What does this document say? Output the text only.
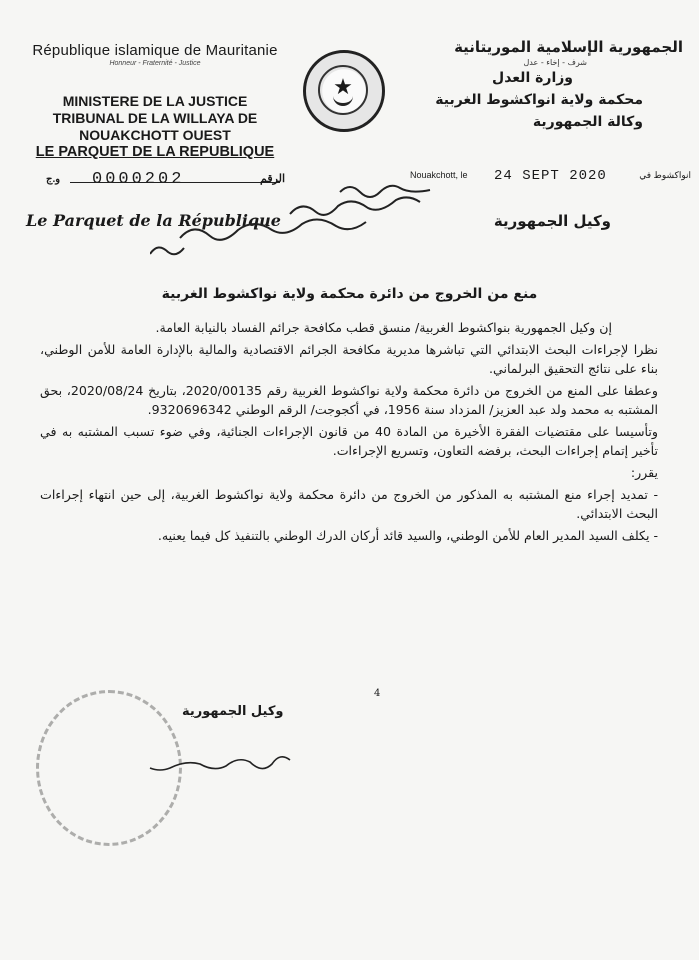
République islamique de Mauritanie
Honneur - Fraternité - Justice
MINISTERE DE LA JUSTICE
TRIBUNAL DE LA WILLAYA DE
NOUAKCHOTT OUEST
LE PARQUET DE LA REPUBLIQUE
★
الجمهورية الإسلامية الموريتانية
شرف - إخاء - عدل
وزارة العدل
محكمة ولاية انواكشوط الغربية
وكالة الجمهورية
و.ج 0000202	الرقم	Nouakchott, le 24 SEPT 2020	انواكشوط في
Le Parquet de la République	وكيل الجمهورية
منع من الخروج من دائرة محكمة ولاية نواكشوط الغربية

إن وكيل الجمهورية بنواكشوط الغربية/ منسق قطب مكافحة جرائم الفساد بالنيابة العامة.

نظرا لإجراءات البحث الابتدائي التي تباشرها مديرية مكافحة الجرائم الاقتصادية والمالية بالإدارة العامة للأمن الوطني، بناء على نتائج التحقيق البرلماني.

وعطفا على المنع من الخروج من دائرة محكمة ولاية نواكشوط الغربية رقم 2020/00135، بتاريخ 2020/08/24، بحق المشتبه به محمد ولد عبد العزيز/ المزداد سنة 1956، في أكجوجت/ الرقم الوطني 9320696342.

وتأسيسا على مقتضيات الفقرة الأخيرة من المادة 40 من قانون الإجراءات الجنائية، وفي ضوء تسبب المشتبه به في تأخير إتمام إجراءات البحث، برفضه التعاون، وتسريع الإجراءات.

يقرر:

- تمديد إجراء منع المشتبه به المذكور من الخروج من دائرة محكمة ولاية نواكشوط الغربية، إلى حين انتهاء إجراءات البحث الابتدائي.

- يكلف السيد المدير العام للأمن الوطني، والسيد قائد أركان الدرك الوطني بالتنفيذ كل فيما يعنيه.

4
وكيل الجمهورية
